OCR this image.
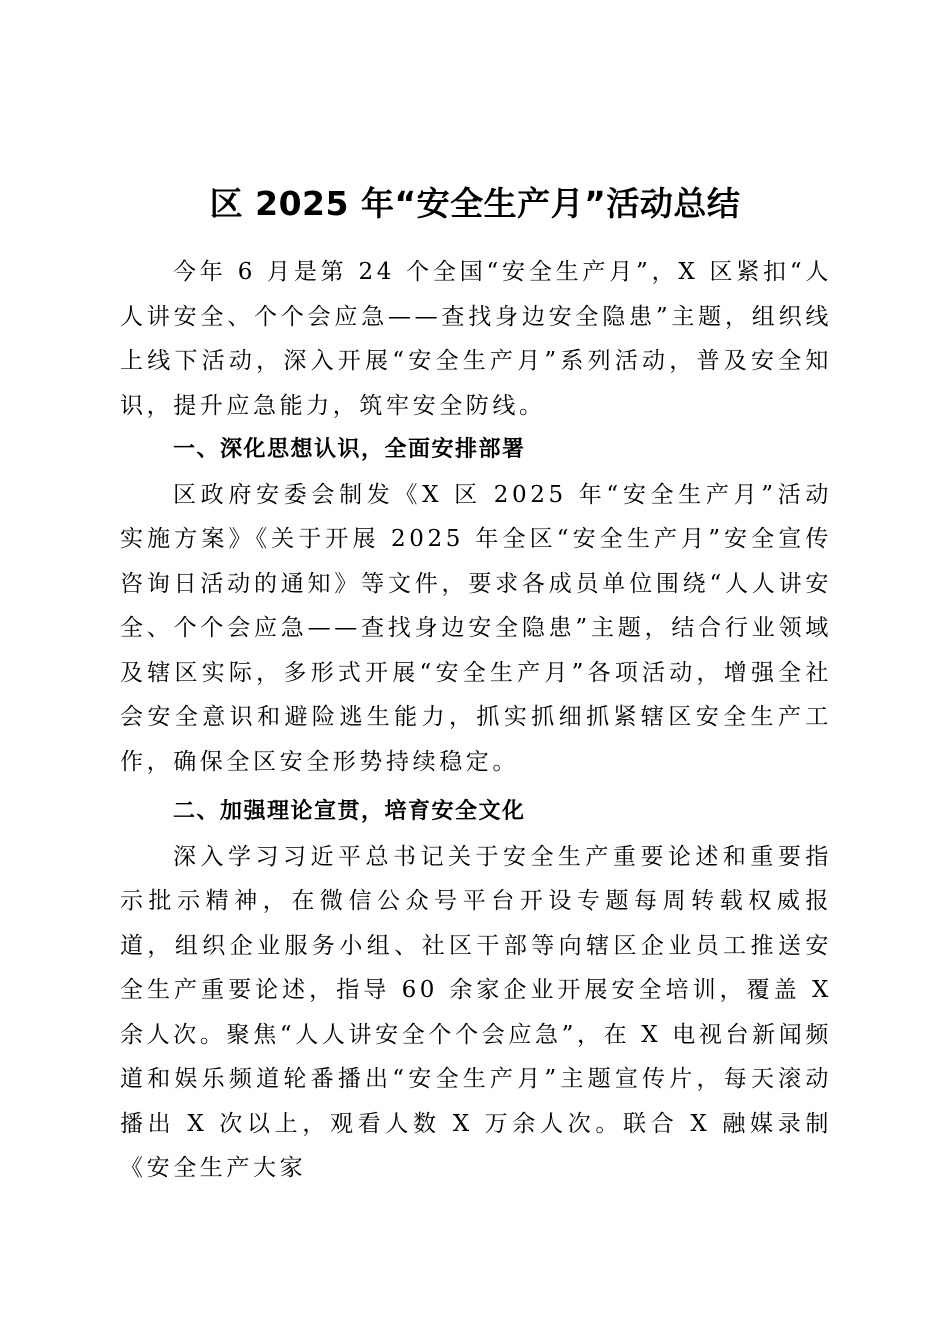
区 2025 年“安全生产月”活动总结

今年 6 月是第 24 个全国“安全生产月”，X 区紧扣“人人讲安全、个个会应急——查找身边安全隐患”主题，组织线上线下活动，深入开展“安全生产月”系列活动，普及安全知识，提升应急能力，筑牢安全防线。

一、深化思想认识，全面安排部署

区政府安委会制发《X 区 2025 年“安全生产月”活动实施方案》《关于开展 2025 年全区“安全生产月”安全宣传咨询日活动的通知》等文件，要求各成员单位围绕“人人讲安全、个个会应急——查找身边安全隐患”主题，结合行业领域及辖区实际，多形式开展“安全生产月”各项活动，增强全社会安全意识和避险逃生能力，抓实抓细抓紧辖区安全生产工作，确保全区安全形势持续稳定。

二、加强理论宣贯，培育安全文化

深入学习习近平总书记关于安全生产重要论述和重要指示批示精神，在微信公众号平台开设专题每周转载权威报道，组织企业服务小组、社区干部等向辖区企业员工推送安全生产重要论述，指导 60 余家企业开展安全培训，覆盖 X 余人次。聚焦“人人讲安全个个会应急”，在 X 电视台新闻频道和娱乐频道轮番播出“安全生产月”主题宣传片，每天滚动播出 X 次以上，观看人数 X 万余人次。联合 X 融媒录制《安全生产大家
